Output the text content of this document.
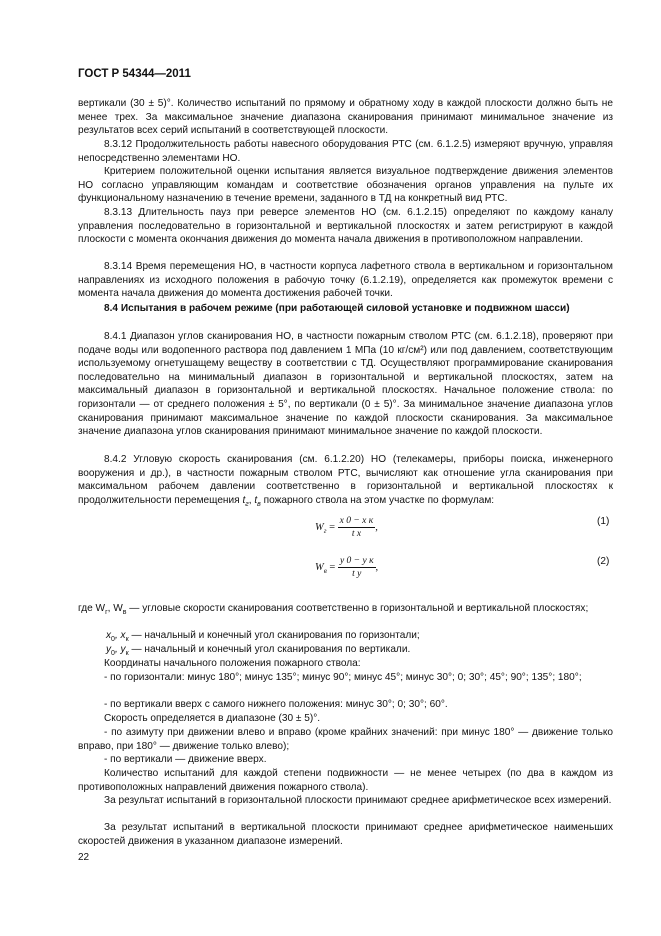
ГОСТ Р 54344—2011
вертикали (30 ± 5)°. Количество испытаний по прямому и обратному ходу в каждой плоскости должно быть не менее трех. За максимальное значение диапазона сканирования принимают минимальное значение из результатов всех серий испытаний в соответствующей плоскости.
8.3.12 Продолжительность работы навесного оборудования РТС (см. 6.1.2.5) измеряют вручную, управляя непосредственно элементами НО.
Критерием положительной оценки испытания является визуальное подтверждение движения элементов НО согласно управляющим командам и соответствие обозначения органов управления на пульте их функциональному назначению в течение времени, заданного в ТД на конкретный вид РТС.
8.3.13 Длительность пауз при реверсе элементов НО (см. 6.1.2.15) определяют по каждому каналу управления последовательно в горизонтальной и вертикальной плоскостях и затем регистрируют в каждой плоскости с момента окончания движения до момента начала движения в противоположном направлении.
8.3.14 Время перемещения НО, в частности корпуса лафетного ствола в вертикальном и горизонтальном направлениях из исходного положения в рабочую точку (6.1.2.19), определяется как промежуток времени с момента начала движения до момента достижения рабочей точки.
8.4 Испытания в рабочем режиме (при работающей силовой установке и подвижном шасси)
8.4.1 Диапазон углов сканирования НО, в частности пожарным стволом РТС (см. 6.1.2.18), проверяют при подаче воды или водопенного раствора под давлением 1 МПа (10 кг/см²) или под давлением, соответствующим используемому огнетушащему веществу в соответствии с ТД. Осуществляют программирование сканирования последовательно на минимальный диапазон в горизонтальной и вертикальной плоскостях, затем на максимальный диапазон в горизонтальной и вертикальной плоскостях. Начальное положение ствола: по горизонтали — от среднего положения ± 5°, по вертикали (0 ± 5)°. За минимальное значение диапазона углов сканирования принимают максимальное значение по каждой плоскости сканирования. За максимальное значение диапазона углов сканирования принимают минимальное значение по каждой плоскости.
8.4.2 Угловую скорость сканирования (см. 6.1.2.20) НО (телекамеры, приборы поиска, инженерного вооружения и др.), в частности пожарным стволом РТС, вычисляют как отношение угла сканирования при максимальном рабочем давлении соответственно в горизонтальной и вертикальной плоскостях к продолжительности перемещения $t_г$, $t_в$ пожарного ствола на этом участке по формулам:
$W_г = \frac{\text{x 0 − x к}}{\text{t x}}$ ,
(1)
$W_в = \frac{\text{y 0 − y к}}{\text{t y}}$ ,
(2)
где $W_г$, $W_в$ — угловые скорости сканирования соответственно в горизонтальной и вертикальной плоскостях;
$x_0$, $x_к$ — начальный и конечный угол сканирования по горизонтали;
$y_0$, $y_к$ — начальный и конечный угол сканирования по вертикали.
Координаты начального положения пожарного ствола:
- по горизонтали: минус 180°; минус 135°; минус 90°; минус 45°; минус 30°; 0; 30°; 45°; 90°; 135°; 180°;
- по вертикали вверх с самого нижнего положения: минус 30°; 0; 30°; 60°.
Скорость определяется в диапазоне (30 ± 5)°.
- по азимуту при движении влево и вправо (кроме крайних значений: при минус 180° — движение только вправо, при 180° — движение только влево);
- по вертикали — движение вверх.
Количество испытаний для каждой степени подвижности — не менее четырех (по два в каждом из противоположных направлений движения пожарного ствола).
За результат испытаний в горизонтальной плоскости принимают среднее арифметическое всех измерений.
За результат испытаний в вертикальной плоскости принимают среднее арифметическое наименьших скоростей движения в указанном диапазоне измерений.
22
